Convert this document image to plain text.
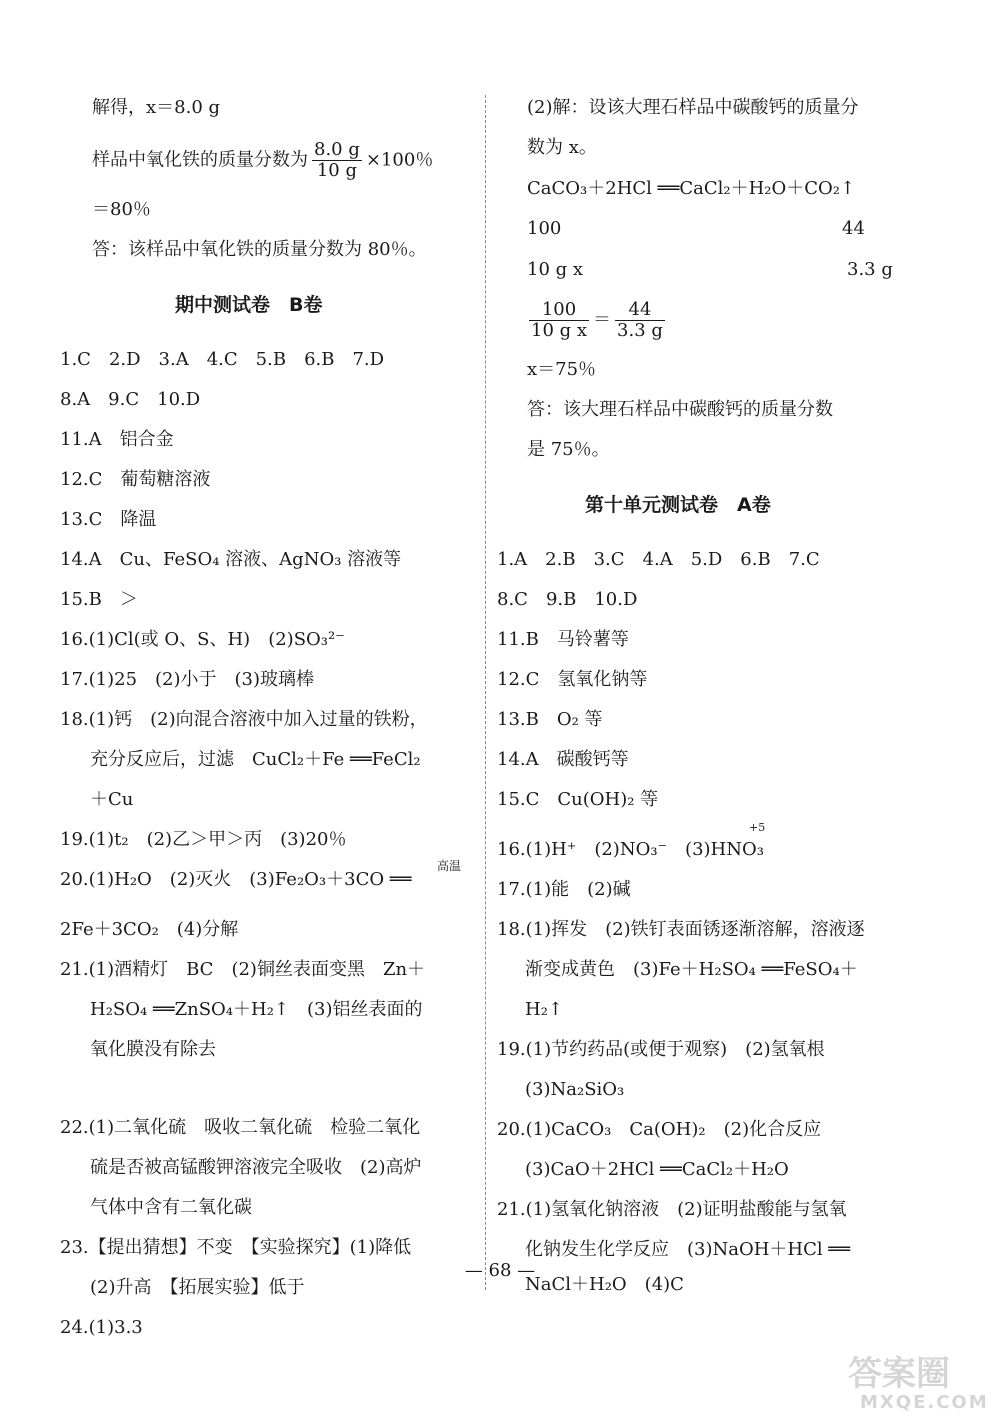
解得，x＝8.0 g
样品中氧化铁的质量分数为 $\frac{8.0 g}{10 g} \times 100$％
＝80％
答：该样品中氧化铁的质量分数为 80％。
期中测试卷　B卷
1.C　2.D　3.A　4.C　5.B　6.B　7.D
8.A　9.C　10.D
11.A　铝合金
12.C　葡萄糖溶液
13.C　降温
14.A　Cu、FeSO₄ 溶液、AgNO₃ 溶液等
15.B　＞
16.(1)Cl(或 O、S、H)　(2)SO₃²⁻
17.(1)25　(2)小于　(3)玻璃棒
18.(1)钙　(2)向混合溶液中加入过量的铁粉，
充分反应后，过滤　CuCl₂＋Fe ══FeCl₂
＋Cu
19.(1)t₂　(2)乙＞甲＞丙　(3)20％
20.(1)H₂O　(2)灭火　(3)Fe₂O₃＋3CO ══
高温
2Fe＋3CO₂　(4)分解
21.(1)酒精灯　BC　(2)铜丝表面变黑　Zn＋
H₂SO₄ ══ZnSO₄＋H₂↑　(3)铝丝表面的
氧化膜没有除去
22.(1)二氧化硫　吸收二氧化硫　检验二氧化
硫是否被高锰酸钾溶液完全吸收　(2)高炉
气体中含有二氧化碳
23.【提出猜想】不变　【实验探究】(1)降低
(2)升高　【拓展实验】低于
24.(1)3.3
(2)解：设该大理石样品中碳酸钙的质量分
数为 x。
CaCO₃＋2HCl ══CaCl₂＋H₂O＋CO₂↑
100	44
10 g x	3.3 g
$\frac{100}{\text{10 g x}} = \frac{44}{3.3 g}$
x＝75％
答：该大理石样品中碳酸钙的质量分数
是 75％。
第十单元测试卷　A卷
1.A　2.B　3.C　4.A　5.D　6.B　7.C
8.C　9.B　10.D
11.B　马铃薯等
12.C　氢氧化钠等
13.B　O₂ 等
14.A　碳酸钙等
15.C　Cu(OH)₂ 等
+5
16.(1)H⁺　(2)NO₃⁻　(3)HNO₃
17.(1)能　(2)碱
18.(1)挥发　(2)铁钉表面锈逐渐溶解，溶液逐
渐变成黄色　(3)Fe＋H₂SO₄ ══FeSO₄＋
H₂↑
19.(1)节约药品(或便于观察)　(2)氢氧根
(3)Na₂SiO₃
20.(1)CaCO₃　Ca(OH)₂　(2)化合反应
(3)CaO＋2HCl ══CaCl₂＋H₂O
21.(1)氢氧化钠溶液　(2)证明盐酸能与氢氧
化钠发生化学反应　(3)NaOH＋HCl ══
NaCl＋H₂O　(4)C
— 68 —
答案圈
MXQE.COM
